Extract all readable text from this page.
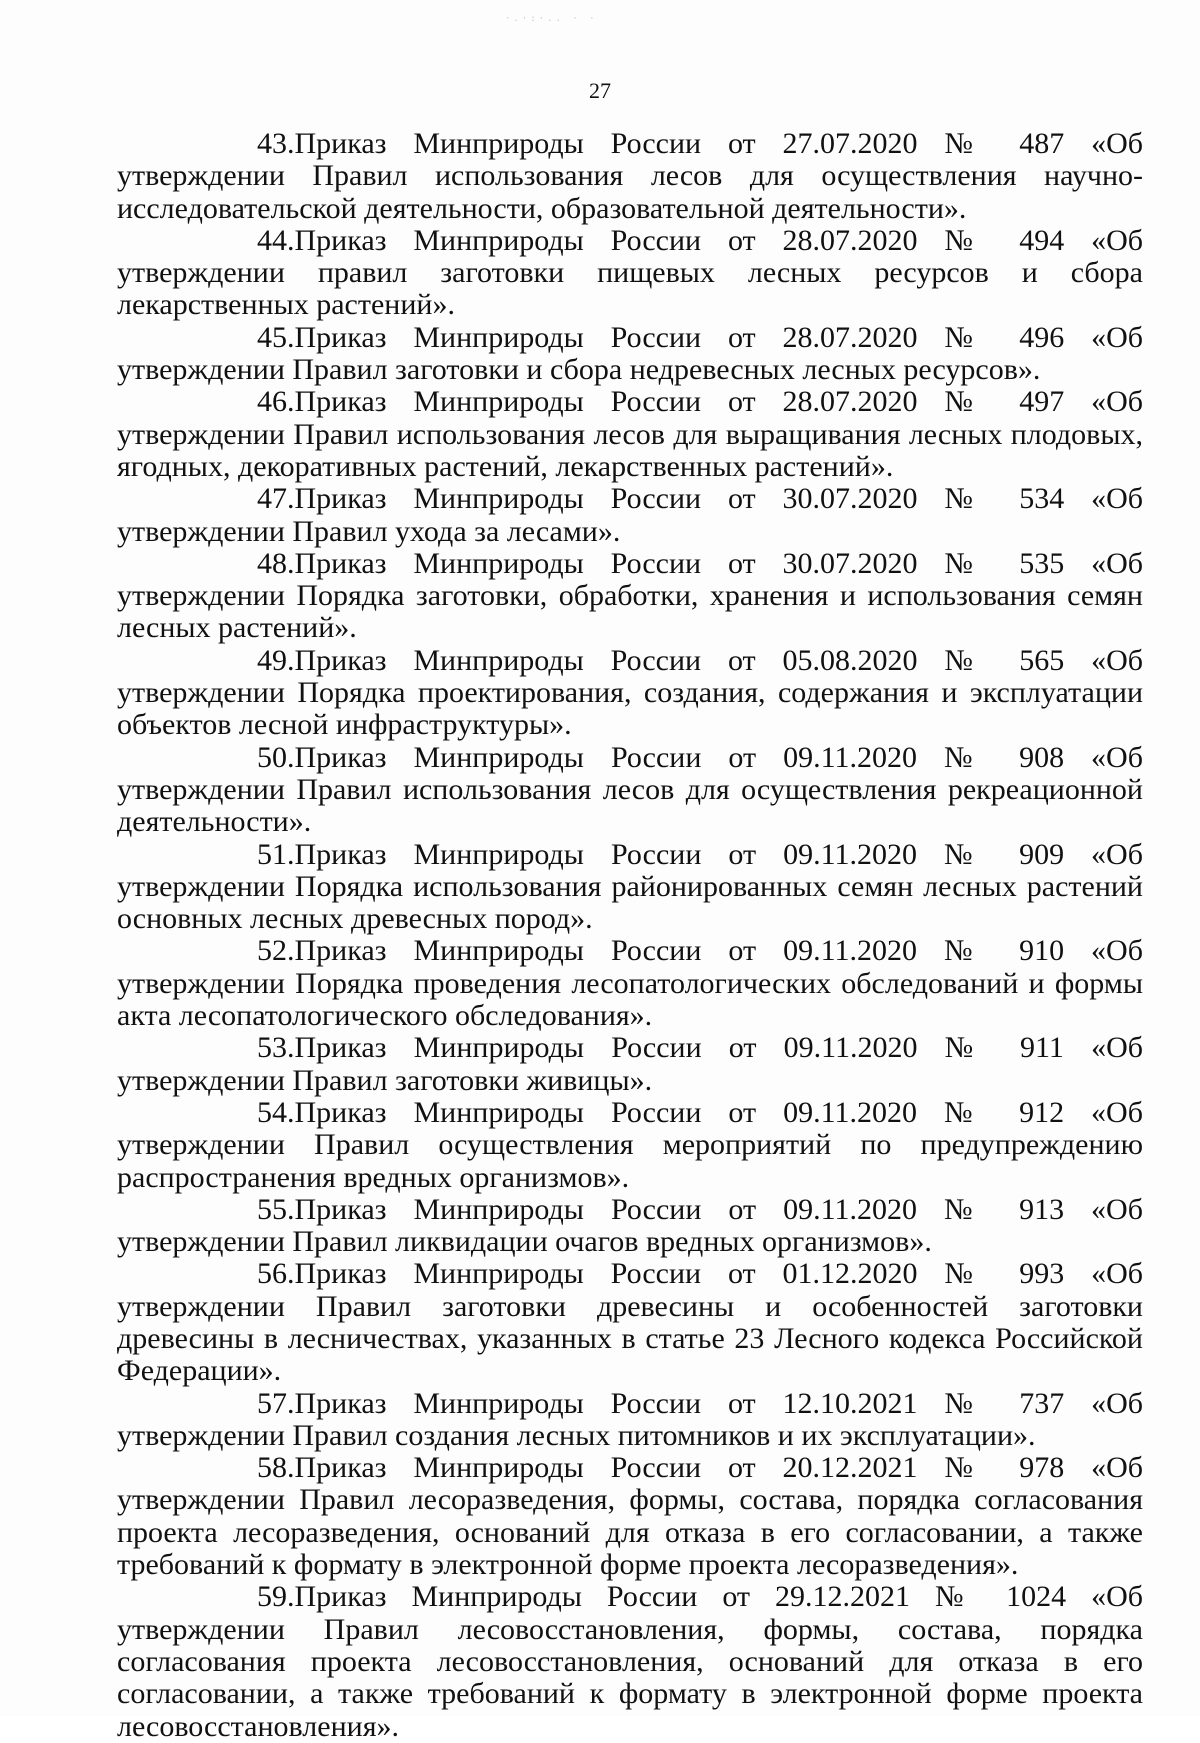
·.·:·.. · ·
27

43.Приказ Минприроды России от 27.07.2020 № 487 «Об утверждении Правил использования лесов для осуществления научно-исследовательской деятельности, образовательной деятельности».

44.Приказ Минприроды России от 28.07.2020 № 494 «Об утверждении правил заготовки пищевых лесных ресурсов и сбора лекарственных растений».

45.Приказ Минприроды России от 28.07.2020 № 496 «Об утверждении Правил заготовки и сбора недревесных лесных ресурсов».

46.Приказ Минприроды России от 28.07.2020 № 497 «Об утверждении Правил использования лесов для выращивания лесных плодовых, ягодных, декоративных растений, лекарственных растений».

47.Приказ Минприроды России от 30.07.2020 № 534 «Об утверждении Правил ухода за лесами».

48.Приказ Минприроды России от 30.07.2020 № 535 «Об утверждении Порядка заготовки, обработки, хранения и использования семян лесных растений».

49.Приказ Минприроды России от 05.08.2020 № 565 «Об утверждении Порядка проектирования, создания, содержания и эксплуатации объектов лесной инфраструктуры».

50.Приказ Минприроды России от 09.11.2020 № 908 «Об утверждении Правил использования лесов для осуществления рекреационной деятельности».

51.Приказ Минприроды России от 09.11.2020 № 909 «Об утверждении Порядка использования районированных семян лесных растений основных лесных древесных пород».

52.Приказ Минприроды России от 09.11.2020 № 910 «Об утверждении Порядка проведения лесопатологических обследований и формы акта лесопатологического обследования».

53.Приказ Минприроды России от 09.11.2020 № 911 «Об утверждении Правил заготовки живицы».

54.Приказ Минприроды России от 09.11.2020 № 912 «Об утверждении Правил осуществления мероприятий по предупреждению распространения вредных организмов».

55.Приказ Минприроды России от 09.11.2020 № 913 «Об утверждении Правил ликвидации очагов вредных организмов».

56.Приказ Минприроды России от 01.12.2020 № 993 «Об утверждении Правил заготовки древесины и особенностей заготовки древесины в лесничествах, указанных в статье 23 Лесного кодекса Российской Федерации».

57.Приказ Минприроды России от 12.10.2021 № 737 «Об утверждении Правил создания лесных питомников и их эксплуатации».

58.Приказ Минприроды России от 20.12.2021 № 978 «Об утверждении Правил лесоразведения, формы, состава, порядка согласования проекта лесоразведения, оснований для отказа в его согласовании, а также требований к формату в электронной форме проекта лесоразведения».

59.Приказ Минприроды России от 29.12.2021 № 1024 «Об утверждении Правил лесовосстановления, формы, состава, порядка согласования проекта лесовосстановления, оснований для отказа в его согласовании, а также требований к формату в электронной форме проекта лесовосстановления».
